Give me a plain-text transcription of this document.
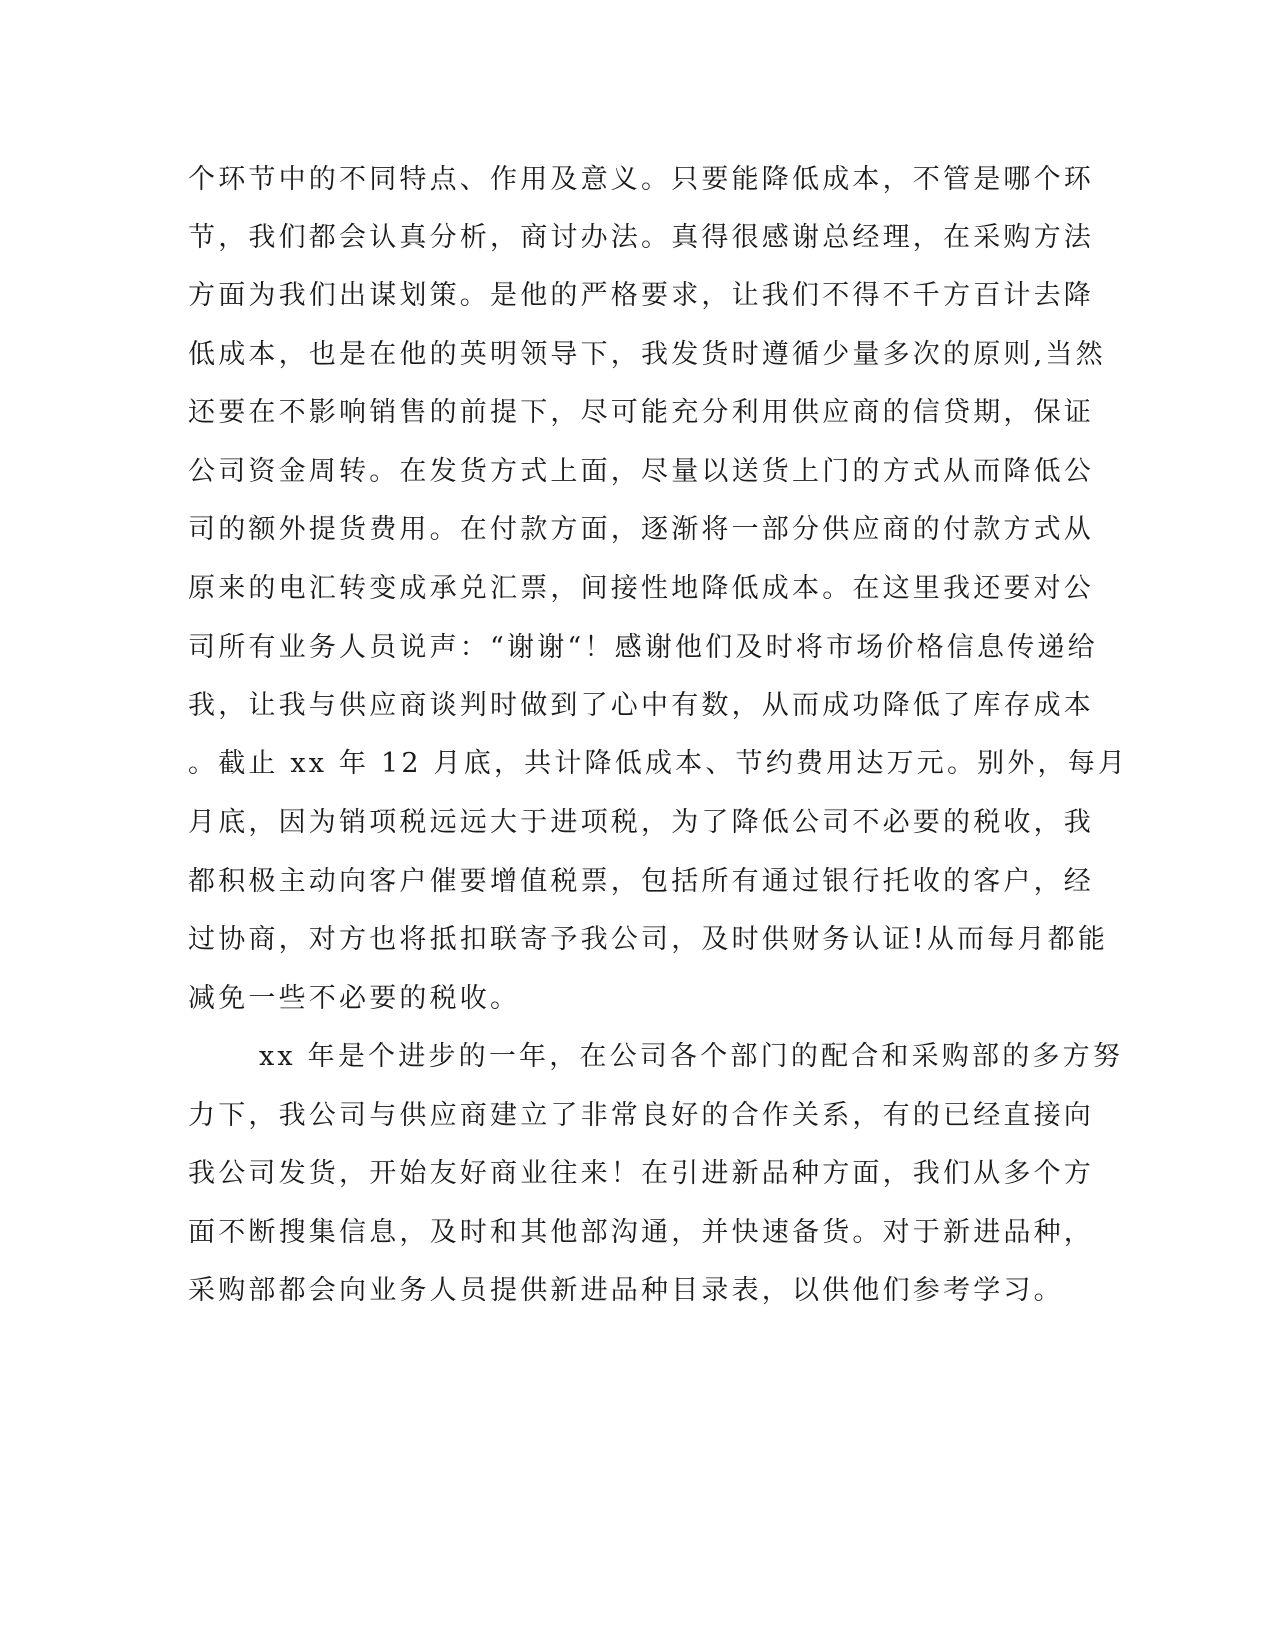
个环节中的不同特点、作用及意义。只要能降低成本，不管是哪个环
节，我们都会认真分析，商讨办法。真得很感谢总经理，在采购方法
方面为我们出谋划策。是他的严格要求，让我们不得不千方百计去降
低成本，也是在他的英明领导下，我发货时遵循少量多次的原则,当然
还要在不影响销售的前提下，尽可能充分利用供应商的信贷期，保证
公司资金周转。在发货方式上面，尽量以送货上门的方式从而降低公
司的额外提货费用。在付款方面，逐渐将一部分供应商的付款方式从
原来的电汇转变成承兑汇票，间接性地降低成本。在这里我还要对公
司所有业务人员说声：“谢谢“！感谢他们及时将市场价格信息传递给
我，让我与供应商谈判时做到了心中有数，从而成功降低了库存成本
。截止 xx 年 12 月底，共计降低成本、节约费用达万元。别外，每月
月底，因为销项税远远大于进项税，为了降低公司不必要的税收，我
都积极主动向客户催要增值税票，包括所有通过银行托收的客户，经
过协商，对方也将抵扣联寄予我公司，及时供财务认证!从而每月都能
减免一些不必要的税收。
xx 年是个进步的一年，在公司各个部门的配合和采购部的多方努
力下，我公司与供应商建立了非常良好的合作关系，有的已经直接向
我公司发货，开始友好商业往来！在引进新品种方面，我们从多个方
面不断搜集信息，及时和其他部沟通，并快速备货。对于新进品种，
采购部都会向业务人员提供新进品种目录表，以供他们参考学习。
